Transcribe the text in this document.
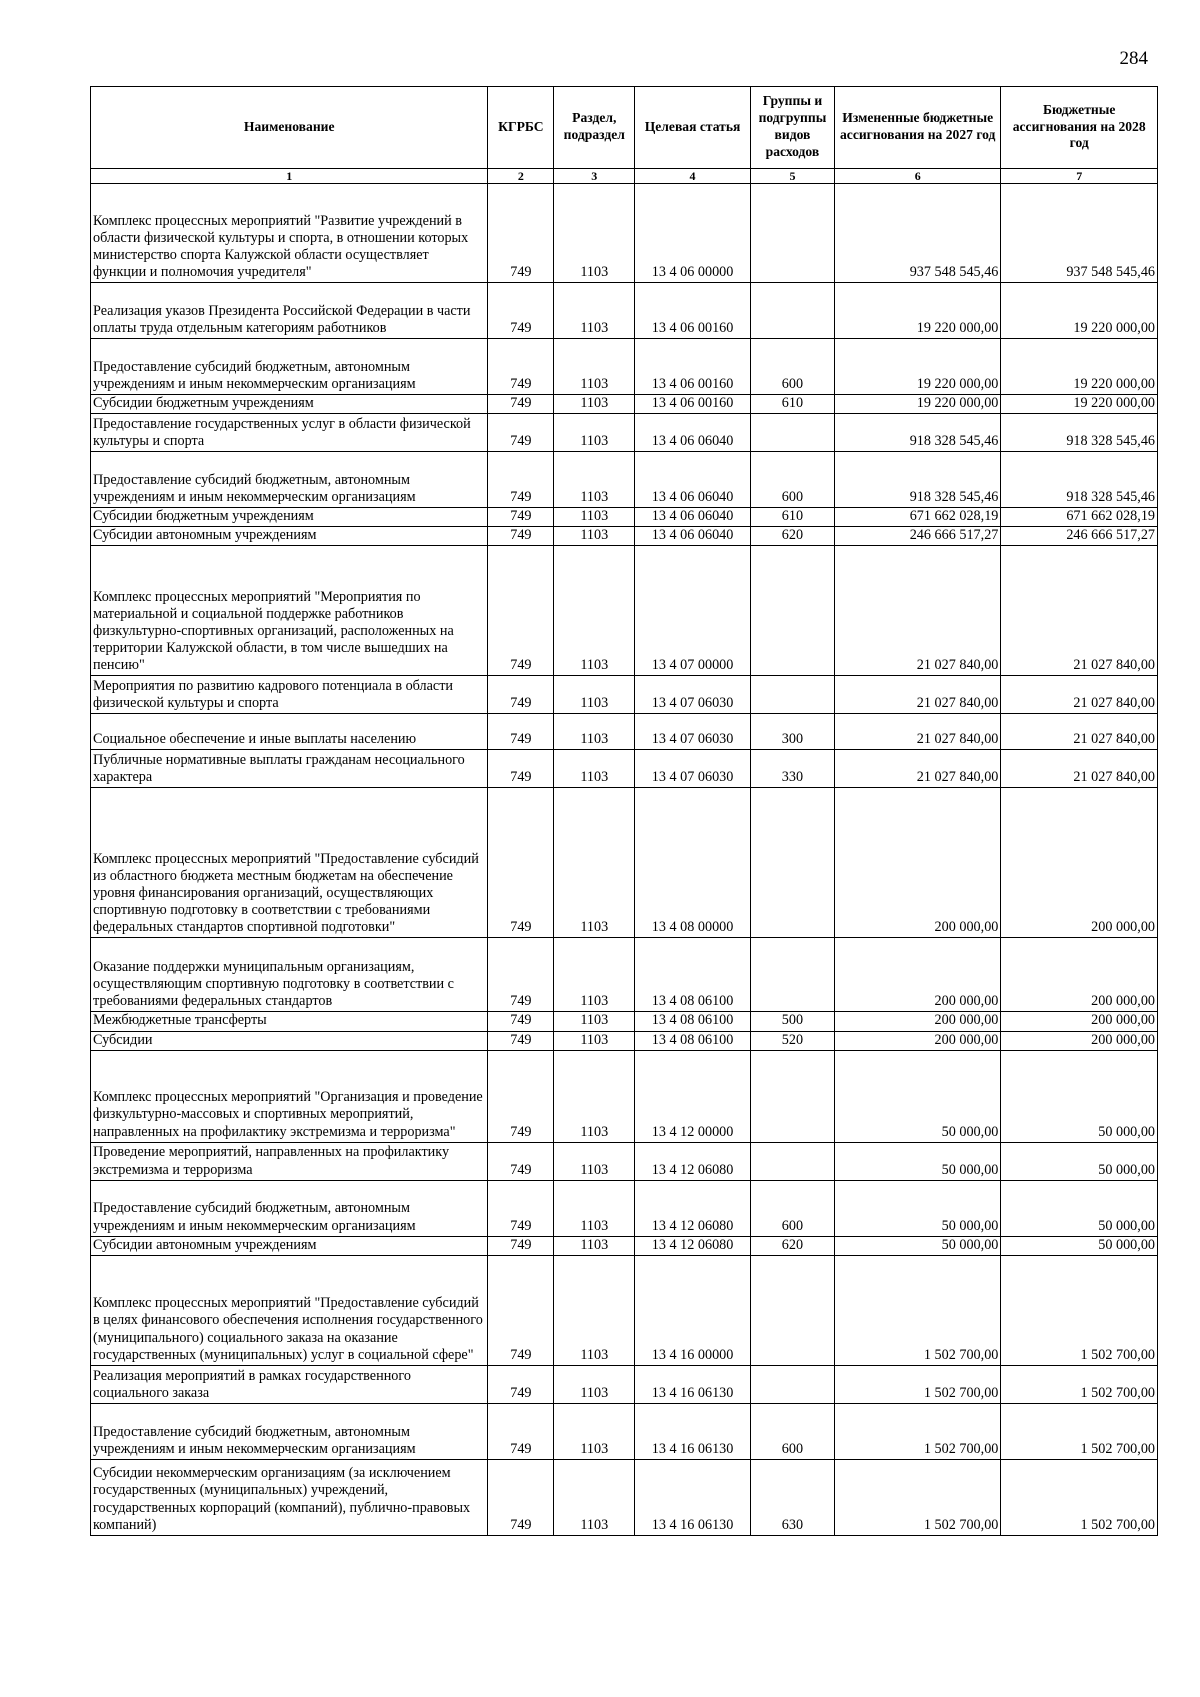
284
Наименование	КГРБС	Раздел, подраздел	Целевая статья	Группы и подгруппы видов расходов	Измененные бюджетные ассигнования на 2027 год	Бюджетные ассигнования на 2028 год
1	2	3	4	5	6	7
Комплекс процессных мероприятий "Развитие учреждений в области физической культуры и спорта, в отношении которых министерство спорта Калужской области осуществляет функции и полномочия учредителя"	749	1103	13 4 06 00000		937 548 545,46	937 548 545,46
Реализация указов Президента Российской Федерации в части оплаты труда отдельным категориям работников	749	1103	13 4 06 00160		19 220 000,00	19 220 000,00
Предоставление субсидий бюджетным, автономным учреждениям и иным некоммерческим организациям	749	1103	13 4 06 00160	600	19 220 000,00	19 220 000,00
Субсидии бюджетным учреждениям	749	1103	13 4 06 00160	610	19 220 000,00	19 220 000,00
Предоставление государственных услуг в области физической культуры и спорта	749	1103	13 4 06 06040		918 328 545,46	918 328 545,46
Предоставление субсидий бюджетным, автономным учреждениям и иным некоммерческим организациям	749	1103	13 4 06 06040	600	918 328 545,46	918 328 545,46
Субсидии бюджетным учреждениям	749	1103	13 4 06 06040	610	671 662 028,19	671 662 028,19
Субсидии автономным учреждениям	749	1103	13 4 06 06040	620	246 666 517,27	246 666 517,27
Комплекс процессных мероприятий "Мероприятия по материальной и социальной поддержке работников физкультурно-спортивных организаций, расположенных на территории Калужской области, в том числе вышедших на пенсию"	749	1103	13 4 07 00000		21 027 840,00	21 027 840,00
Мероприятия по развитию кадрового потенциала в области физической культуры и спорта	749	1103	13 4 07 06030		21 027 840,00	21 027 840,00
Социальное обеспечение и иные выплаты населению	749	1103	13 4 07 06030	300	21 027 840,00	21 027 840,00
Публичные нормативные выплаты гражданам несоциального характера	749	1103	13 4 07 06030	330	21 027 840,00	21 027 840,00
Комплекс процессных мероприятий "Предоставление субсидий из областного бюджета местным бюджетам на обеспечение уровня финансирования организаций, осуществляющих спортивную подготовку в соответствии с требованиями федеральных стандартов спортивной подготовки"	749	1103	13 4 08 00000		200 000,00	200 000,00
Оказание поддержки муниципальным организациям, осуществляющим спортивную подготовку в соответствии с требованиями федеральных стандартов	749	1103	13 4 08 06100		200 000,00	200 000,00
Межбюджетные трансферты	749	1103	13 4 08 06100	500	200 000,00	200 000,00
Субсидии	749	1103	13 4 08 06100	520	200 000,00	200 000,00
Комплекс процессных мероприятий "Организация и проведение физкультурно-массовых и спортивных мероприятий, направленных на профилактику экстремизма и терроризма"	749	1103	13 4 12 00000		50 000,00	50 000,00
Проведение мероприятий, направленных на профилактику экстремизма и терроризма	749	1103	13 4 12 06080		50 000,00	50 000,00
Предоставление субсидий бюджетным, автономным учреждениям и иным некоммерческим организациям	749	1103	13 4 12 06080	600	50 000,00	50 000,00
Субсидии автономным учреждениям	749	1103	13 4 12 06080	620	50 000,00	50 000,00
Комплекс процессных мероприятий "Предоставление субсидий в целях финансового обеспечения исполнения государственного (муниципального) социального заказа на оказание государственных (муниципальных) услуг в социальной сфере"	749	1103	13 4 16 00000		1 502 700,00	1 502 700,00
Реализация мероприятий в рамках государственного социального заказа	749	1103	13 4 16 06130		1 502 700,00	1 502 700,00
Предоставление субсидий бюджетным, автономным учреждениям и иным некоммерческим организациям	749	1103	13 4 16 06130	600	1 502 700,00	1 502 700,00
Субсидии некоммерческим организациям (за исключением государственных (муниципальных) учреждений, государственных корпораций (компаний), публично-правовых компаний)	749	1103	13 4 16 06130	630	1 502 700,00	1 502 700,00
